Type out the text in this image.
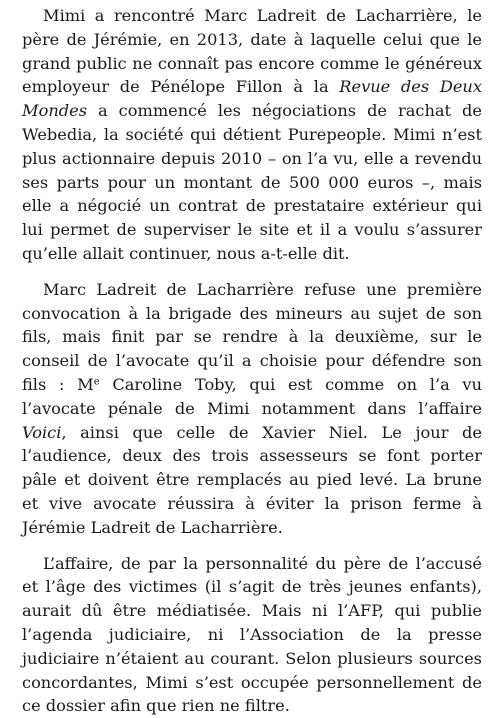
Mimi a rencontré Marc Ladreit de Lacharrière, le père de Jérémie, en 2013, date à laquelle celui que le grand public ne connaît pas encore comme le généreux employeur de Pénélope Fillon à la Revue des Deux Mondes a commencé les négociations de rachat de Webedia, la société qui détient Purepeople. Mimi n’est plus actionnaire depuis 2010 – on l’a vu, elle a revendu ses parts pour un montant de 500 000 euros –, mais elle a négocié un contrat de prestataire extérieur qui lui permet de superviser le site et il a voulu s’assurer qu’elle allait continuer, nous a-t-elle dit.

Marc Ladreit de Lacharrière refuse une première convocation à la brigade des mineurs au sujet de son fils, mais finit par se rendre à la deuxième, sur le conseil de l’avocate qu’il a choisie pour défendre son fils : Me Caroline Toby, qui est comme on l’a vu l’avocate pénale de Mimi notamment dans l’affaire Voici, ainsi que celle de Xavier Niel. Le jour de l’audience, deux des trois assesseurs se font porter pâle et doivent être remplacés au pied levé. La brune et vive avocate réussira à éviter la prison ferme à Jérémie Ladreit de Lacharrière.

L’affaire, de par la personnalité du père de l’accusé et l’âge des victimes (il s’agit de très jeunes enfants), aurait dû être médiatisée. Mais ni l’AFP, qui publie l’agenda judiciaire, ni l’Association de la presse judiciaire n’étaient au courant. Selon plusieurs sources concordantes, Mimi s’est occupée personnellement de ce dossier afin que rien ne filtre.
